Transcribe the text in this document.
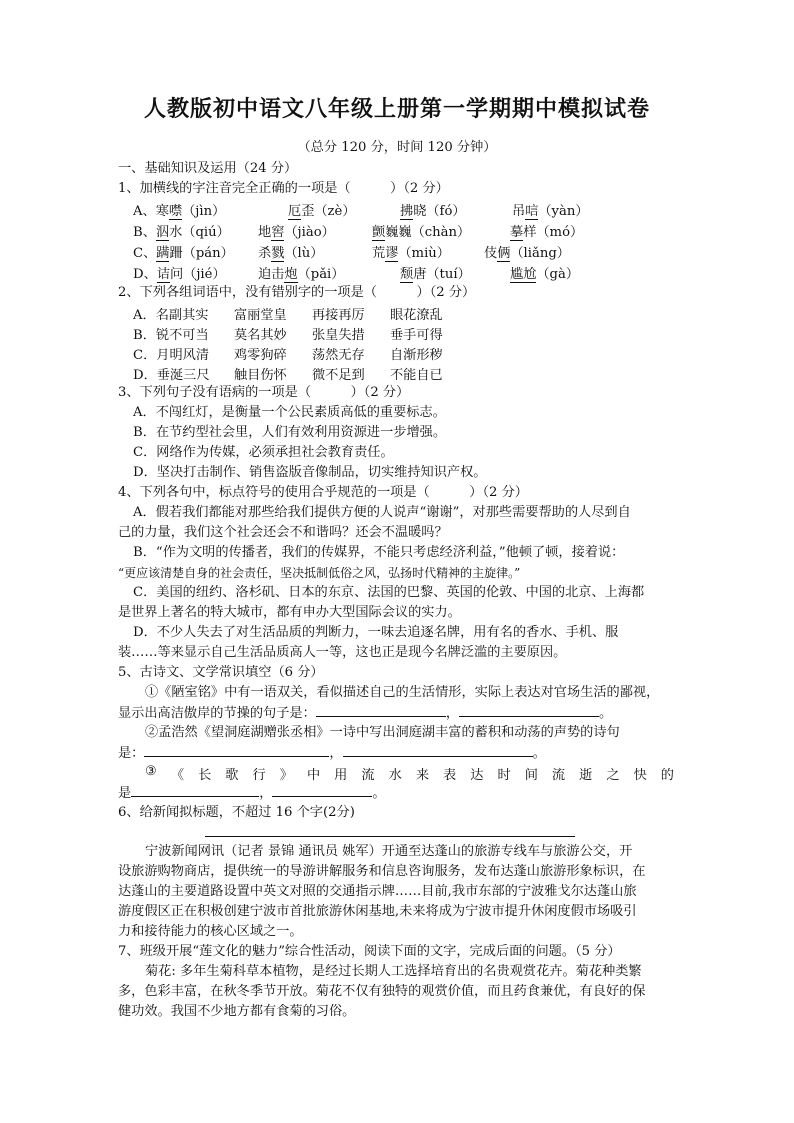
人教版初中语文八年级上册第一学期期中模拟试卷
（总分 120 分，时间 120 分钟）
一、基础知识及运用（24 分）
1、加横线的字注音完全正确的一项是（　　　）（2 分）
A、寒噤（jìn）	厄歪（zè）	拂晓（fó）	吊唁（yàn）
B、泅水（qiú） 地窖（jiào）	颤巍巍（chàn）	摹样（mó）
C、蹒跚（pán） 杀戮（lù）	荒谬（miù）	伎俩（liǎng）
D、诘问（jié） 迫击炮（pǎi）	颓唐（tuí）	尴尬（gà）
2、下列各组词语中，没有错别字的一项是（　　　）（2 分）
A．名副其实 富丽堂皇 再接再厉 眼花潦乱
B．锐不可当 莫名其妙 张皇失措 垂手可得
C．月明风清 鸡零狗碎 荡然无存 自渐形秽
D．垂涎三尺 触目伤怀 微不足到 不能自已
3、下列句子没有语病的一项是（　　　）（2 分）
A．不闯红灯，是衡量一个公民素质高低的重要标志。
B．在节约型社会里，人们有效利用资源进一步增强。
C．网络作为传媒，必须承担社会教育责任。
D．坚决打击制作、销售盗版音像制品，切实维持知识产权。
4、下列各句中，标点符号的使用合乎规范的一项是（　　　）（2 分）
A．假若我们都能对那些给我们提供方便的人说声“谢谢”，对那些需要帮助的人尽到自
己的力量，我们这个社会还会不和谐吗？还会不温暖吗？
B．“作为文明的传播者，我们的传媒界，不能只考虑经济利益，”他顿了顿，接着说：
“更应该清楚自身的社会责任，坚决抵制低俗之风，弘扬时代精神的主旋律。”
C．美国的纽约、洛杉矶、日本的东京、法国的巴黎、英国的伦敦、中国的北京、上海都
是世界上著名的特大城市，都有申办大型国际会议的实力。
D．不少人失去了对生活品质的判断力，一味去追逐名牌，用有名的香水、手机、服
装……等来显示自己生活品质高人一等，这也正是现今名牌泛滥的主要原因。
5、古诗文、文学常识填空（6 分）
①《陋室铭》中有一语双关，看似描述自己的生活情形，实际上表达对官场生活的鄙视，
显示出高洁傲岸的节操的句子是：	，	。
②孟浩然《望洞庭湖赠张丞相》一诗中写出洞庭湖丰富的蓄积和动荡的声势的诗句
是：	，	。
③ 《 长 歌 行 》 中 用 流 水 来 表 达 时 间 流 逝 之 快 的
是	，	。
6、给新闻拟标题，不超过 16 个字(2分)
宁波新闻网讯（记者 景锦 通讯员 姚军）开通至达蓬山的旅游专线车与旅游公交，开
设旅游购物商店，提供统一的导游讲解服务和信息咨询服务，发布达蓬山旅游形象标识，在
达蓬山的主要道路设置中英文对照的交通指示牌……目前,我市东部的宁波雅戈尔达蓬山旅
游度假区正在积极创建宁波市首批旅游休闲基地,未来将成为宁波市提升休闲度假市场吸引
力和接待能力的核心区域之一。
7、班级开展“莲文化的魅力”综合性活动，阅读下面的文字，完成后面的问题。（5 分）
菊花: 多年生菊科草本植物，是经过长期人工选择培育出的名贵观赏花卉。菊花种类繁
多，色彩丰富，在秋冬季节开放。菊花不仅有独特的观赏价值，而且药食兼优，有良好的保
健功效。我国不少地方都有食菊的习俗。
